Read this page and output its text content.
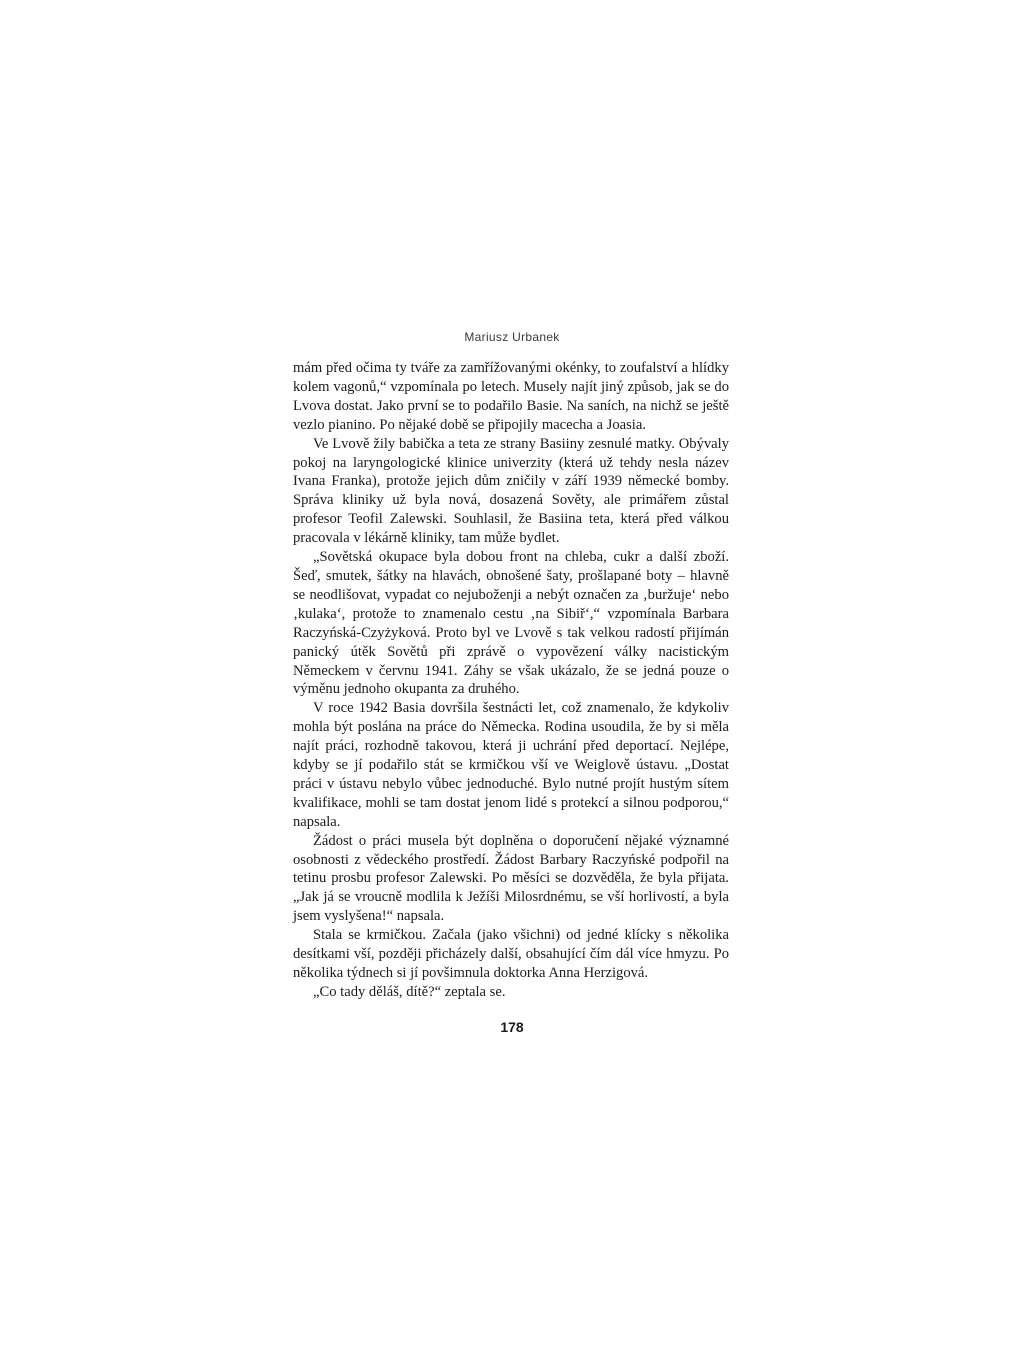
Mariusz Urbanek

mám před očima ty tváře za zamřížovanými okénky, to zoufalství a hlídky kolem vagonů,“ vzpomínala po letech. Musely najít jiný způsob, jak se do Lvova dostat. Jako první se to podařilo Basie. Na saních, na nichž se ještě vezlo pianino. Po nějaké době se připojily macecha a Joasia.

Ve Lvově žily babička a teta ze strany Basiiny zesnulé matky. Obývaly pokoj na laryngologické klinice univerzity (která už tehdy nesla název Ivana Franka), protože jejich dům zničily v září 1939 německé bomby. Správa kliniky už byla nová, dosazená Sověty, ale primářem zůstal profesor Teofil Zalewski. Souhlasil, že Basiina teta, která před válkou pracovala v lékárně kliniky, tam může bydlet.

„Sovětská okupace byla dobou front na chleba, cukr a další zboží. Šeď, smutek, šátky na hlavách, obnošené šaty, prošlapané boty – hlavně se neodlišovat, vypadat co nejuboženji a nebýt označen za ‚buržuje‘ nebo ‚kulaka‘, protože to znamenalo cestu ‚na Sibiř‘,“ vzpomínala Barbara Raczyńská-Czyżyková. Proto byl ve Lvově s tak velkou radostí přijímán panický útěk Sovětů při zprávě o vypovězení války nacistickým Německem v červnu 1941. Záhy se však ukázalo, že se jedná pouze o výměnu jednoho okupanta za druhého.

V roce 1942 Basia dovršila šestnácti let, což znamenalo, že kdykoliv mohla být poslána na práce do Německa. Rodina usoudila, že by si měla najít práci, rozhodně takovou, která ji uchrání před deportací. Nejlépe, kdyby se jí podařilo stát se krmičkou vší ve Weiglově ústavu. „Dostat práci v ústavu nebylo vůbec jednoduché. Bylo nutné projít hustým sítem kvalifikace, mohli se tam dostat jenom lidé s protekcí a silnou podporou,“ napsala.

Žádost o práci musela být doplněna o doporučení nějaké významné osobnosti z vědeckého prostředí. Žádost Barbary Raczyńské podpořil na tetinu prosbu profesor Zalewski. Po měsíci se dozvěděla, že byla přijata. „Jak já se vroucně modlila k Ježíši Milosrdnému, se vší horlivostí, a byla jsem vyslyšena!“ napsala.

Stala se krmičkou. Začala (jako všichni) od jedné klícky s několika desítkami vší, později přicházely další, obsahující čím dál více hmyzu. Po několika týdnech si jí povšimnula doktorka Anna Herzigová.

„Co tady děláš, dítě?“ zeptala se.

178
